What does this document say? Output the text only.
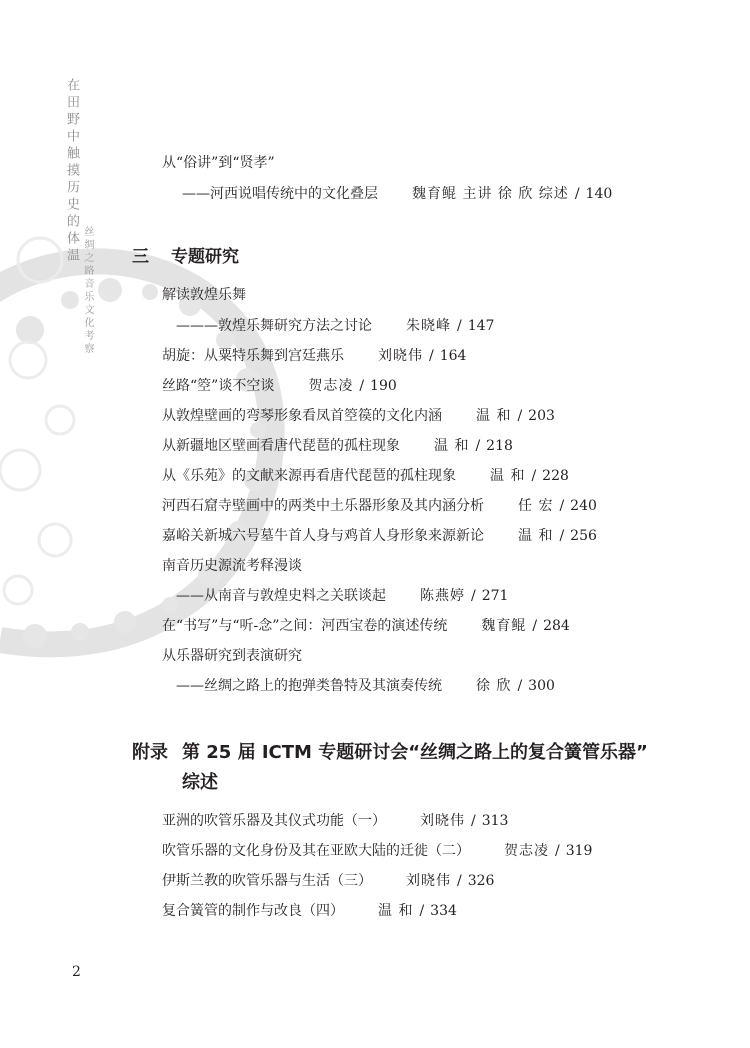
在田野中触摸历史的体温
丝绸之路音乐文化考察
从“俗讲”到“贤孝”
——河西说唱传统中的文化叠层 魏育鲲 主讲 徐 欣 综述 / 140
三 专题研究
解读敦煌乐舞
———敦煌乐舞研究方法之讨论 朱晓峰 / 147
胡旋：从粟特乐舞到宫廷燕乐 刘晓伟 / 164
丝路“箜”谈不空谈 贺志凌 / 190
从敦煌壁画的弯琴形象看凤首箜篌的文化内涵 温 和 / 203
从新疆地区壁画看唐代琵琶的孤柱现象 温 和 / 218
从《乐苑》的文献来源再看唐代琵琶的孤柱现象 温 和 / 228
河西石窟寺壁画中的两类中土乐器形象及其内涵分析 任 宏 / 240
嘉峪关新城六号墓牛首人身与鸡首人身形象来源新论 温 和 / 256
南音历史源流考释漫谈
——从南音与敦煌史料之关联谈起 陈燕婷 / 271
在“书写”与“听-念”之间：河西宝卷的演述传统 魏育鲲 / 284
从乐器研究到表演研究
——丝绸之路上的抱弹类鲁特及其演奏传统 徐 欣 / 300
附录 第 25 届 ICTM 专题研讨会“丝绸之路上的复合簧管乐器”
综述
亚洲的吹管乐器及其仪式功能（一） 刘晓伟 / 313
吹管乐器的文化身份及其在亚欧大陆的迁徙（二） 贺志凌 / 319
伊斯兰教的吹管乐器与生活（三） 刘晓伟 / 326
复合簧管的制作与改良（四） 温 和 / 334
2
